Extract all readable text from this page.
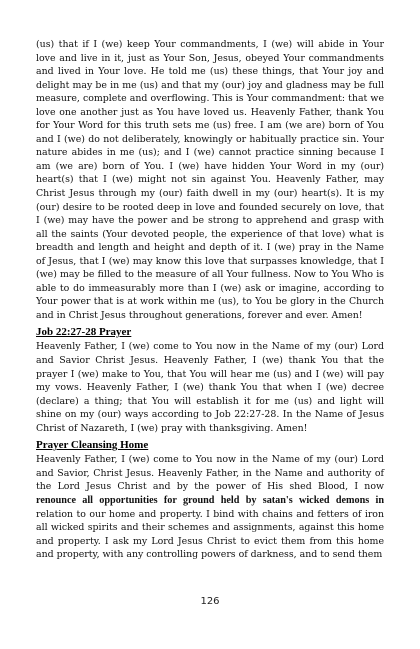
(us) that if I (we) keep Your commandments, I (we) will abide in Your love and live in it, just as Your Son, Jesus, obeyed Your commandments and lived in Your love. He told me (us) these things, that Your joy and delight may be in me (us) and that my (our) joy and gladness may be full measure, complete and overflowing. This is Your commandment: that we love one another just as You have loved us. Heavenly Father, thank You for Your Word for this truth sets me (us) free. I am (we are) born of You and I (we) do not deliberately, knowingly or habitually practice sin. Your nature abides in me (us); and I (we) cannot practice sinning because I am (we are) born of You. I (we) have hidden Your Word in my (our) heart(s) that I (we) might not sin against You. Heavenly Father, may Christ Jesus through my (our) faith dwell in my (our) heart(s). It is my (our) desire to be rooted deep in love and founded securely on love, that I (we) may have the power and be strong to apprehend and grasp with all the saints (Your devoted people, the experience of that love) what is breadth and length and height and depth of it. I (we) pray in the Name of Jesus, that I (we) may know this love that surpasses knowledge, that I (we) may be filled to the measure of all Your fullness. Now to You Who is able to do immeasurably more than I (we) ask or imagine, according to Your power that is at work within me (us), to You be glory in the Church and in Christ Jesus throughout generations, forever and ever. Amen!

Job 22:27-28 Prayer

Heavenly Father, I (we) come to You now in the Name of my (our) Lord and Savior Christ Jesus. Heavenly Father, I (we) thank You that the prayer I (we) make to You, that You will hear me (us) and I (we) will pay my vows. Heavenly Father, I (we) thank You that when I (we) decree (declare) a thing; that You will establish it for me (us) and light will shine on my (our) ways according to Job 22:27-28. In the Name of Jesus Christ of Nazareth, I (we) pray with thanksgiving. Amen!

Prayer Cleansing Home

Heavenly Father, I (we) come to You now in the Name of my (our) Lord and Savior, Christ Jesus. Heavenly Father, in the Name and authority of the Lord Jesus Christ and by the power of His shed Blood, I now renounce all opportunities for ground held by satan's wicked demons in relation to our home and property. I bind with chains and fetters of iron all wicked spirits and their schemes and assignments, against this home and property. I ask my Lord Jesus Christ to evict them from this home and property, with any controlling powers of darkness, and to send them

126
